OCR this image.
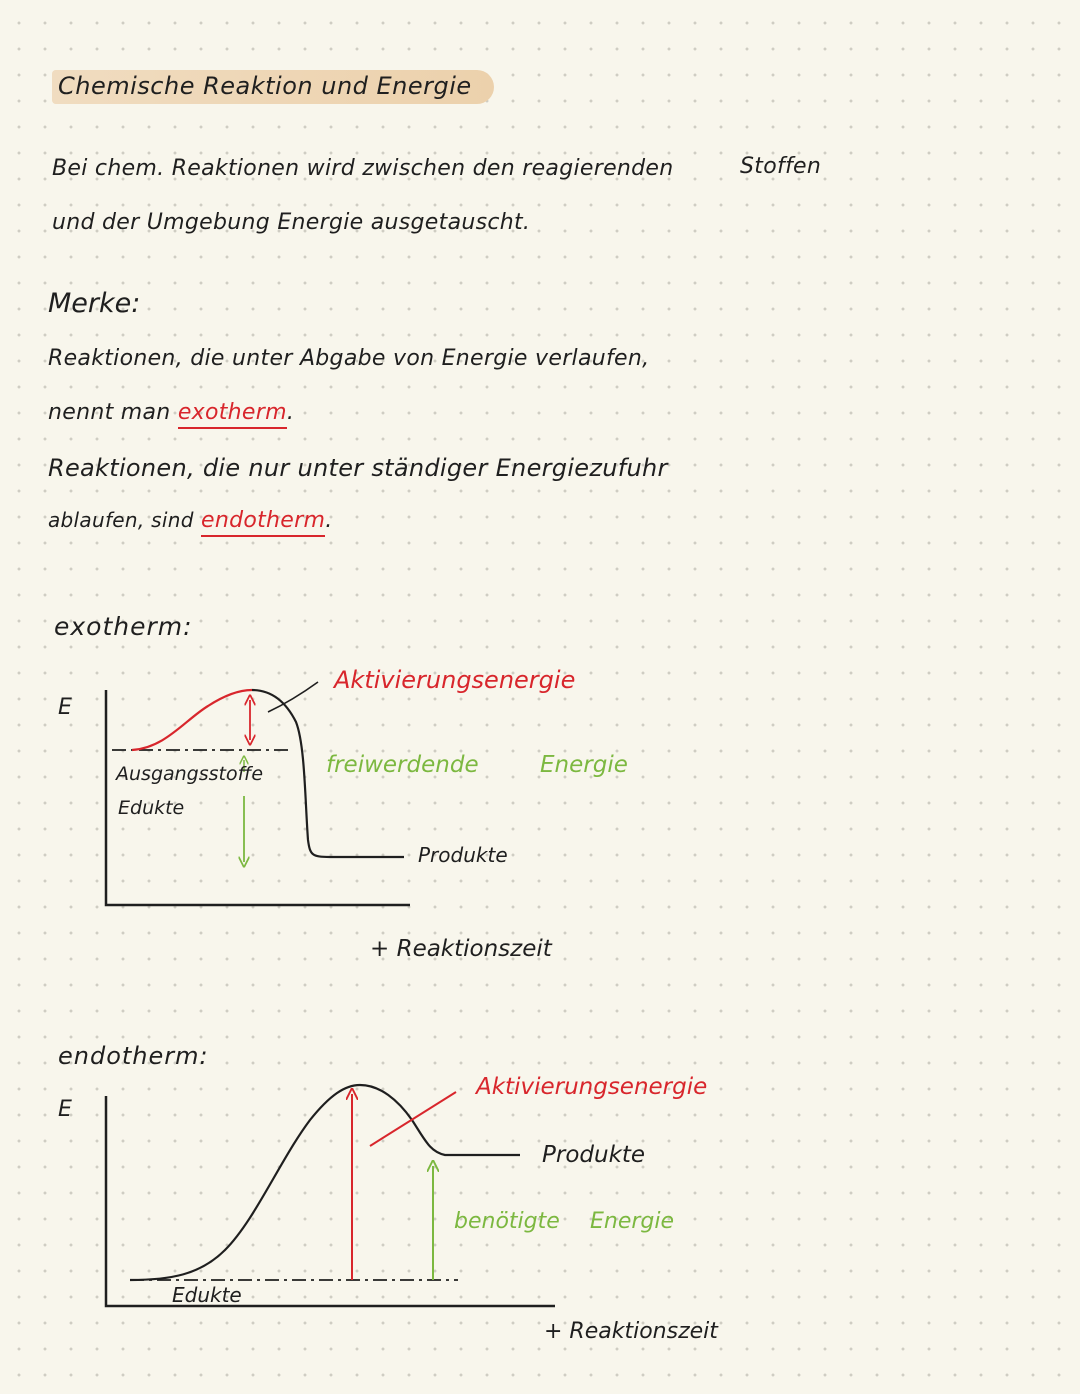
Chemische Reaktion und Energie
Bei chem. Reaktionen wird zwischen den reagierenden	Stoffen
und der Umgebung Energie ausgetauscht.
Merke:
Reaktionen, die unter Abgabe von Energie verlaufen,
nennt man exotherm.
Reaktionen, die nur unter ständiger Energiezufuhr
ablaufen, sind endotherm.
exotherm:
endotherm:
E
Aktivierungsenergie
freiwerdende	Energie
Ausgangsstoffe
Edukte
Produkte
+ Reaktionszeit
E
Aktivierungsenergie
Produkte
benötigte Energie
Edukte
+ Reaktionszeit
